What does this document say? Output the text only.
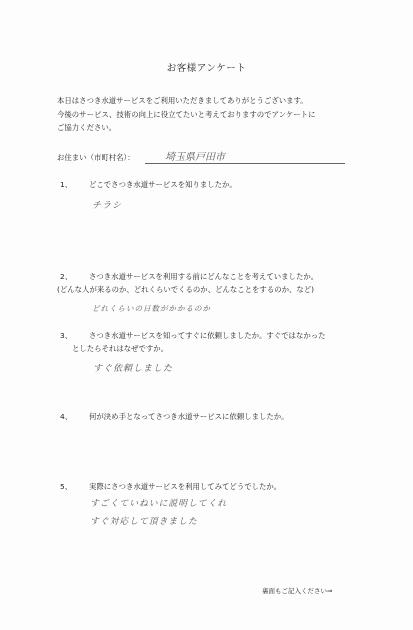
お客様アンケート
本日はさつき水道サービスをご利用いただきましてありがとうございます。
今後のサービス、技術の向上に役立てたいと考えておりますのでアンケートに
ご協力ください。
お住まい（市町村名）：	埼玉県戸田市
1、 どこでさつき水道サービスを知りましたか。
チラシ
2、 さつき水道サービスを利用する前にどんなことを考えていましたか。
(どんな人が来るのか、どれくらいでくるのか、どんなことをするのか、など)
どれくらいの日数がかかるのか
3、 さつき水道サービスを知ってすぐに依頼しましたか。すぐではなかった
としたらそれはなぜですか。
すぐ依頼しました
4、 何が決め手となってさつき水道サービスに依頼しましたか。
5、 実際にさつき水道サービスを利用してみてどうでしたか。
すごくていねいに説明してくれ
すぐ対応して頂きました
裏面もご記入ください⇒
